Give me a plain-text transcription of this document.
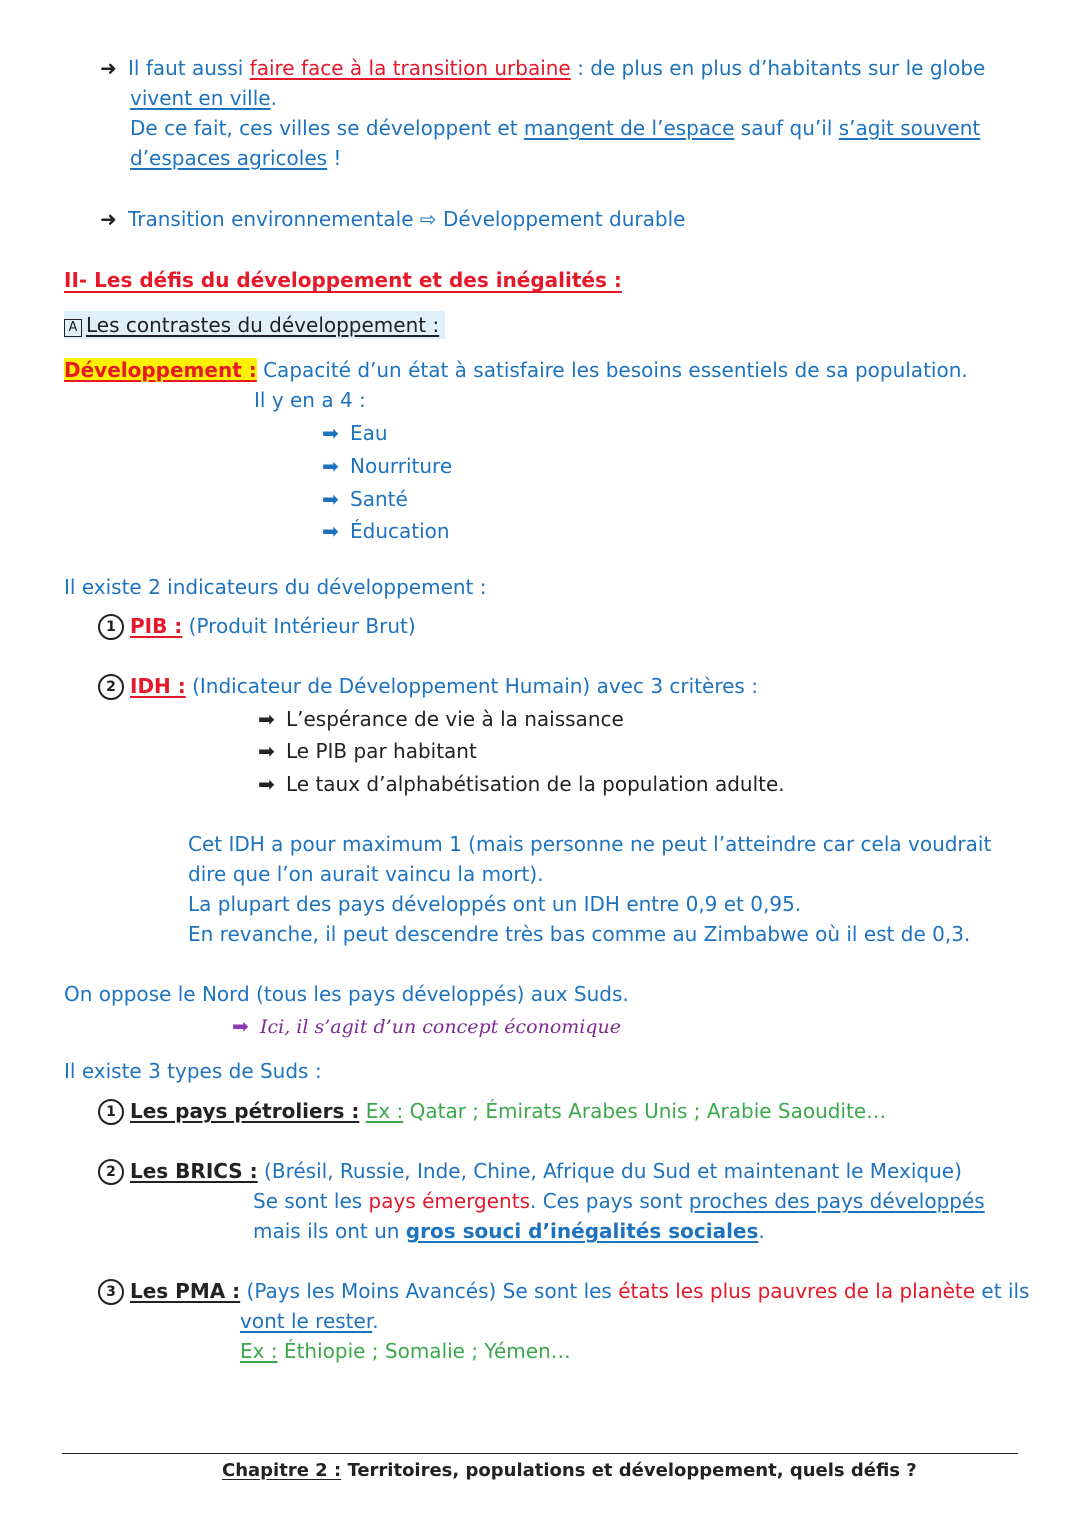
➜ Il faut aussi faire face à la transition urbaine : de plus en plus d’habitants sur le globe
vivent en ville.
De ce fait, ces villes se développent et mangent de l’espace sauf qu’il s’agit souvent
d’espaces agricoles !
➜ Transition environnementale ⇨ Développement durable
II- Les défis du développement et des inégalités :
A Les contrastes du développement :
Développement : Capacité d’un état à satisfaire les besoins essentiels de sa population.
Il y en a 4 :
➡ Eau
➡ Nourriture
➡ Santé
➡ Éducation
Il existe 2 indicateurs du développement :
1 PIB : (Produit Intérieur Brut)
2 IDH : (Indicateur de Développement Humain) avec 3 critères :
➡ L’espérance de vie à la naissance
➡ Le PIB par habitant
➡ Le taux d’alphabétisation de la population adulte.
Cet IDH a pour maximum 1 (mais personne ne peut l’atteindre car cela voudrait
dire que l’on aurait vaincu la mort).
La plupart des pays développés ont un IDH entre 0,9 et 0,95.
En revanche, il peut descendre très bas comme au Zimbabwe où il est de 0,3.
On oppose le Nord (tous les pays développés) aux Suds.
➡ Ici, il s’agit d’un concept économique
Il existe 3 types de Suds :
1 Les pays pétroliers : Ex : Qatar ; Émirats Arabes Unis ; Arabie Saoudite…
2 Les BRICS : (Brésil, Russie, Inde, Chine, Afrique du Sud et maintenant le Mexique)
Se sont les pays émergents. Ces pays sont proches des pays développés
mais ils ont un gros souci d’inégalités sociales.
3 Les PMA : (Pays les Moins Avancés) Se sont les états les plus pauvres de la planète et ils
vont le rester.
Ex : Éthiopie ; Somalie ; Yémen…
Chapitre 2 : Territoires, populations et développement, quels défis ?
